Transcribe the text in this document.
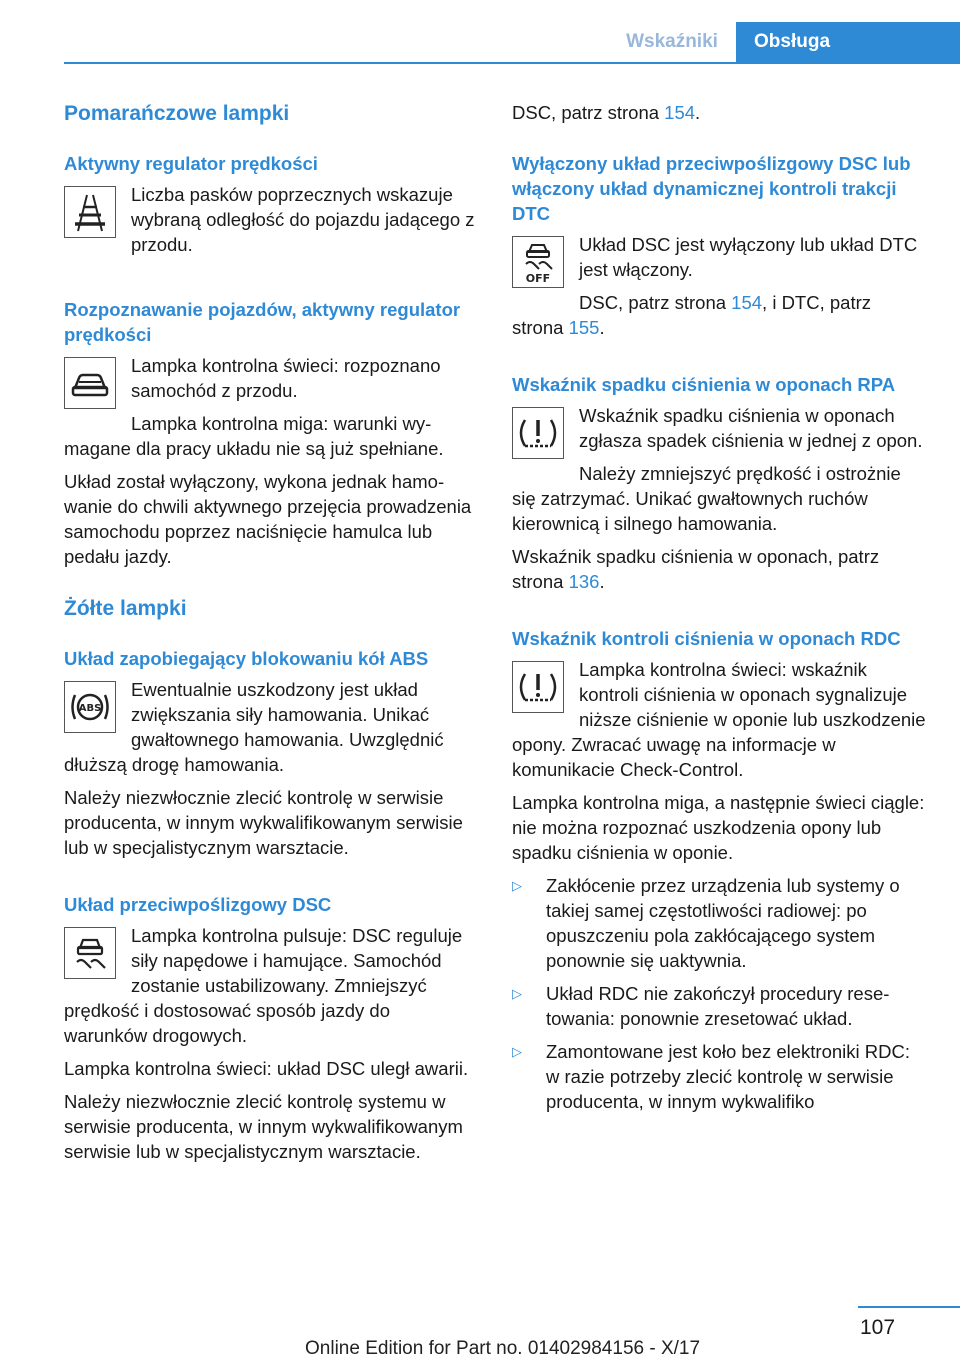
Wskaźniki	Obsługa
Pomarańczowe lampki
Aktywny regulator prędkości

Liczba pasków poprzecznych wskazuje wybraną odległość do pojazdu jadącego z przodu.

Rozpoznawanie pojazdów, aktywny regulator prędkości

Lampka kontrolna świeci: rozpoznano samochód z przodu.

Lampka kontrolna miga: warunki wymagane dla pracy układu nie są już spełniane.

Układ został wyłączony, wykona jednak hamowanie do chwili aktywnego przejęcia prowadzenia samochodu poprzez naciśnięcie hamulca lub pedału jazdy.

Żółte lampki
Układ zapobiegający blokowaniu kół ABS
ABS

Ewentualnie uszkodzony jest układ zwiększania siły hamowania. Unikać gwałtownego hamowania. Uwzględnić dłuższą drogę hamowania.

Należy niezwłocznie zlecić kontrolę w serwisie producenta, w innym wykwalifikowanym serwisie lub w specjalistycznym warsztacie.

Układ przeciwpoślizgowy DSC

Lampka kontrolna pulsuje: DSC reguluje siły napędowe i hamujące. Samochód zostanie ustabilizowany. Zmniejszyć prędkość i dostosować sposób jazdy do warunków drogowych.

Lampka kontrolna świeci: układ DSC uległ awarii.

Należy niezwłocznie zlecić kontrolę systemu w serwisie producenta, w innym wykwalifikowanym serwisie lub w specjalistycznym warsztacie.

DSC, patrz strona 154.

Wyłączony układ przeciwpoślizgowy DSC lub włączony układ dynamicznej kontroli trakcji DTC
OFF

Układ DSC jest wyłączony lub układ DTC jest włączony.

DSC, patrz strona 154, i DTC, patrz strona 155.

Wskaźnik spadku ciśnienia w oponach RPA

Wskaźnik spadku ciśnienia w oponach zgłasza spadek ciśnienia w jednej z opon.

Należy zmniejszyć prędkość i ostrożnie się zatrzymać. Unikać gwałtownych ruchów kierownicą i silnego hamowania.

Wskaźnik spadku ciśnienia w oponach, patrz strona 136.

Wskaźnik kontroli ciśnienia w oponach RDC

Lampka kontrolna świeci: wskaźnik kontroli ciśnienia w oponach sygnalizuje niższe ciśnienie w oponie lub uszkodzenie opony. Zwracać uwagę na informacje w komunikacie Check-Control.

Lampka kontrolna miga, a następnie świeci ciągle: nie można rozpoznać uszkodzenia opony lub spadku ciśnienia w oponie.

▷ Zakłócenie przez urządzenia lub systemy o takiej samej częstotliwości radiowej: po opuszczeniu pola zakłócającego system ponownie się uaktywnia.
▷ Układ RDC nie zakończył procedury resetowania: ponownie zresetować układ.
▷ Zamontowane jest koło bez elektroniki RDC: w razie potrzeby zlecić kontrolę w serwisie producenta, w innym wykwalifiko
107
Online Edition for Part no. 01402984156 - X/17
